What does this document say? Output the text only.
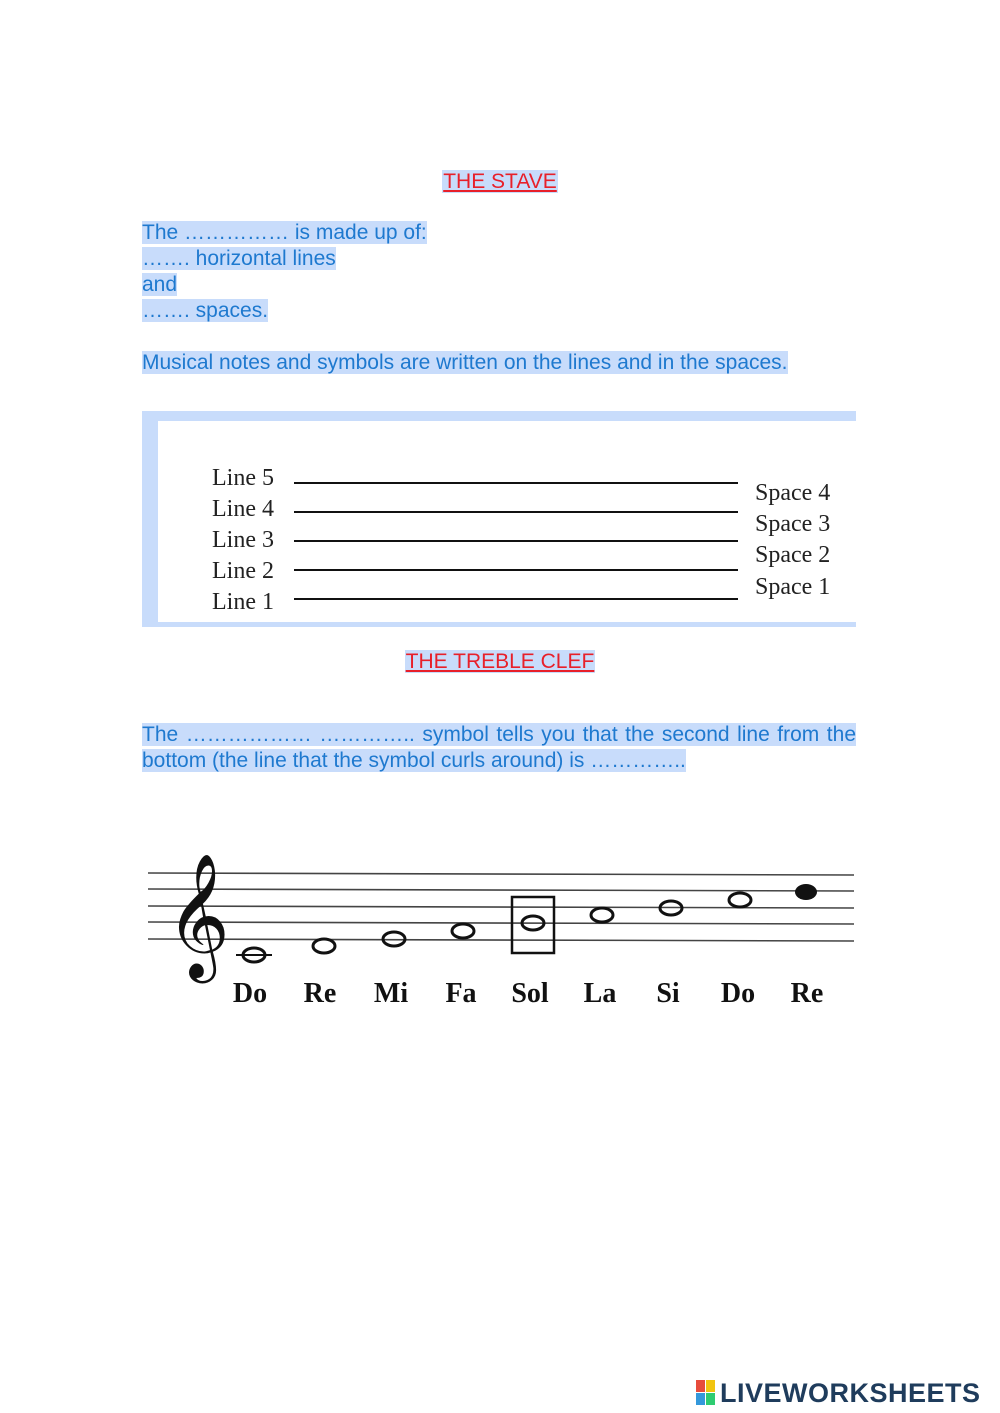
THE STAVE
The …………… is made up of:
……. horizontal lines
and
……. spaces.
Musical notes and symbols are written on the lines and in the spaces.
Line 5
Line 4
Line 3
Line 2
Line 1
Space 4
Space 3
Space 2
Space 1
THE TREBLE CLEF
The ……………… ………….. symbol tells you that the second line from the bottom (the line that the symbol curls around) is …………..
𝄞
Do Re Mi Fa Sol La Si Do Re
LIVEWORKSHEETS
